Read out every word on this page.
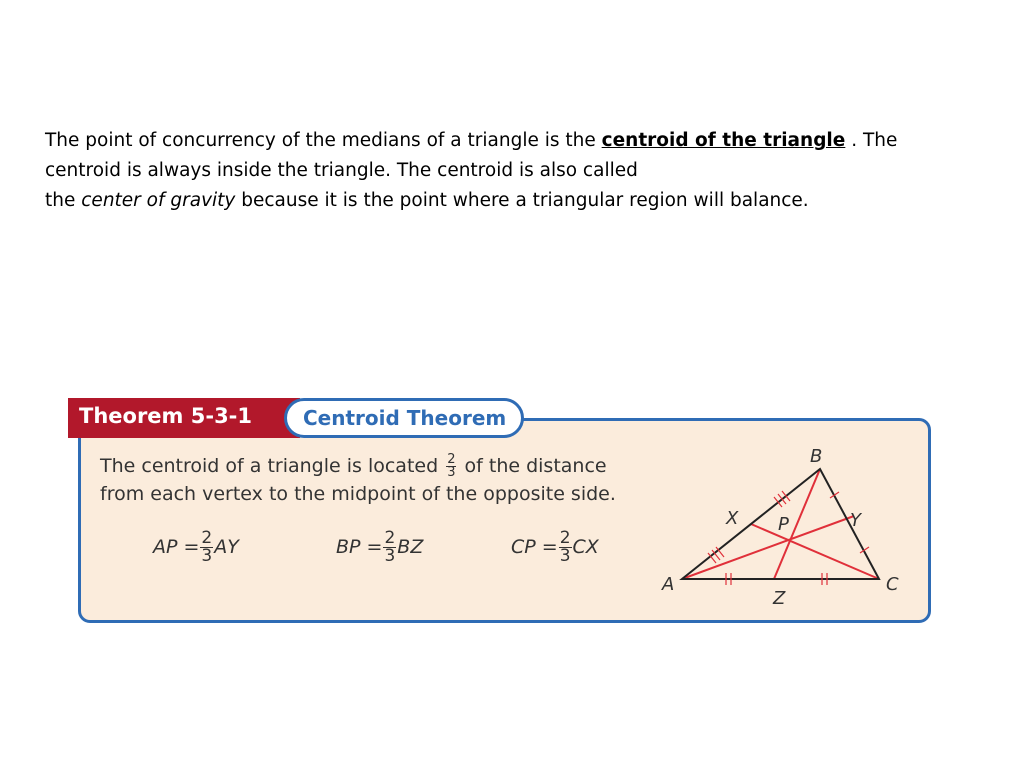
The point of concurrency of the medians of a triangle is the centroid of the triangle . The
centroid is always inside the triangle. The centroid is also called
the center of gravity because it is the point where a triangular region will balance.
Theorem 5-3-1	Centroid Theorem
The centroid of a triangle is located $\frac{2}{3}$ of the distance
from each vertex to the midpoint of the opposite side.
AP = $\frac{2}{3}$ AY	BP = $\frac{2}{3}$ BZ	CP = $\frac{2}{3}$ CX
A
B
C
X	Y
Z
P
